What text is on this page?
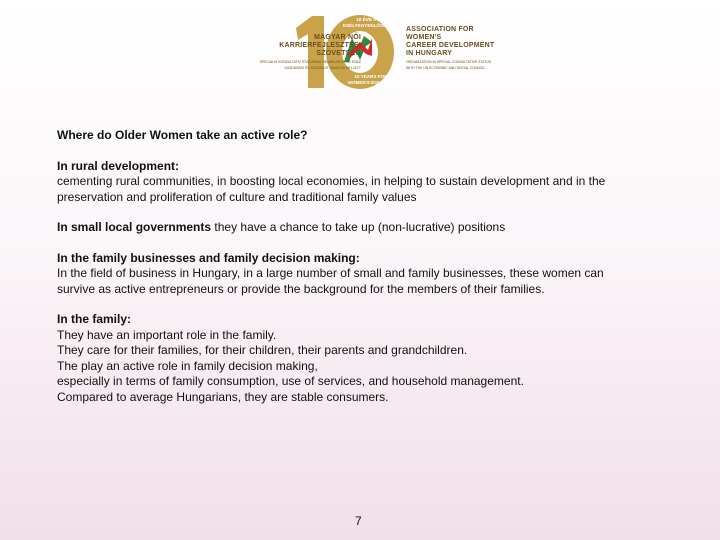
10 ÉVE A NŐI
ESÉLYEGYENLŐSÉGÉRT
10 YEARS FOR
WOMEN'S EQUALITY
MAGYAR NŐI
KARRIERFEJLESZTÉSI
SZÖVETSÉG
SPECIÁLIS KONZULTATÍV STÁTUSSAL RENDELKEZIK AZ ENSZ
GAZDASÁGI ÉS SZOCIÁLIS TANÁCSA MELLETT
ASSOCIATION FOR WOMEN'S
CAREER DEVELOPMENT
IN HUNGARY
ORGANIZATION IN SPECIAL CONSULTATIVE STATUS
WITH THE UN ECONOMIC AND SOCIAL COUNCIL

Where do Older Women take an active role?

In rural development:

cementing rural communities, in boosting local economies, in helping to sustain development and in the

preservation and proliferation of culture and traditional family values

In small local governments they have a chance to take up (non-lucrative) positions

In the family businesses and family decision making:

In the field of business in Hungary, in a large number of small and family businesses, these women can

survive as active entrepreneurs or provide the background for the members of their families.

In the family:

They have an important role in the family.

They care for their families, for their children, their parents and grandchildren.

The play an active role in family decision making,

especially in terms of family consumption, use of services, and household management.

Compared to average Hungarians, they are stable consumers.

7
